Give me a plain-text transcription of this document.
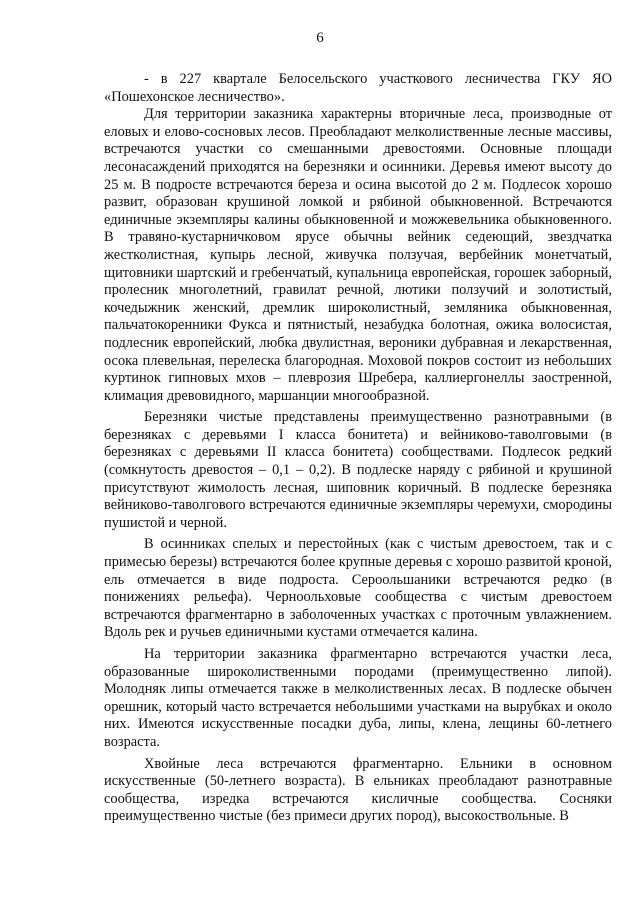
6

- в 227 квартале Белосельского участкового лесничества ГКУ ЯО «Пошехонское лесничество».

Для территории заказника характерны вторичные леса, производные от еловых и елово-сосновых лесов. Преобладают мелколиственные лесные массивы, встречаются участки со смешанными древостоями. Основные площади лесонасаждений приходятся на березняки и осинники. Деревья имеют высоту до 25 м. В подросте встречаются береза и осина высотой до 2 м. Подлесок хорошо развит, образован крушиной ломкой и рябиной обыкновенной. Встречаются единичные экземпляры калины обыкновенной и можжевельника обыкновенного. В травяно-кустарничковом ярусе обычны вейник седеющий, звездчатка жестколистная, купырь лесной, живучка ползучая, вербейник монетчатый, щитовники шартский и гребенчатый, купальница европейская, горошек заборный, пролесник многолетний, гравилат речной, лютики ползучий и золотистый, кочедыжник женский, дремлик широколистный, земляника обыкновенная, пальчатокоренники Фукса и пятнистый, незабудка болотная, ожика волосистая, подлесник европейский, любка двулистная, вероники дубравная и лекарственная, осока плевельная, перелеска благородная. Моховой покров состоит из небольших куртинок гипновых мхов – плеврозия Шребера, каллиергонеллы заостренной, климация древовидного, маршанции многообразной.

Березняки чистые представлены преимущественно разнотравными (в березняках с деревьями I класса бонитета) и вейниково-таволговыми (в березняках с деревьями II класса бонитета) сообществами. Подлесок редкий (сомкнутость древостоя – 0,1 – 0,2). В подлеске наряду с рябиной и крушиной присутствуют жимолость лесная, шиповник коричный. В подлеске березняка вейниково-таволгового встречаются единичные экземпляры черемухи, смородины пушистой и черной.

В осинниках спелых и перестойных (как с чистым древостоем, так и с примесью березы) встречаются более крупные деревья с хорошо развитой кроной, ель отмечается в виде подроста. Сероольшаники встречаются редко (в понижениях рельефа). Черноольховые сообщества с чистым древостоем встречаются фрагментарно в заболоченных участках с проточным увлажнением. Вдоль рек и ручьев единичными кустами отмечается калина.

На территории заказника фрагментарно встречаются участки леса, образованные широколиственными породами (преимущественно липой). Молодняк липы отмечается также в мелколиственных лесах. В подлеске обычен орешник, который часто встречается небольшими участками на вырубках и около них. Имеются искусственные посадки дуба, липы, клена, лещины 60-летнего возраста.

Хвойные леса встречаются фрагментарно. Ельники в основном искусственные (50-летнего возраста). В ельниках преобладают разнотравные сообщества, изредка встречаются кисличные сообщества. Сосняки преимущественно чистые (без примеси других пород), высокоствольные. В
